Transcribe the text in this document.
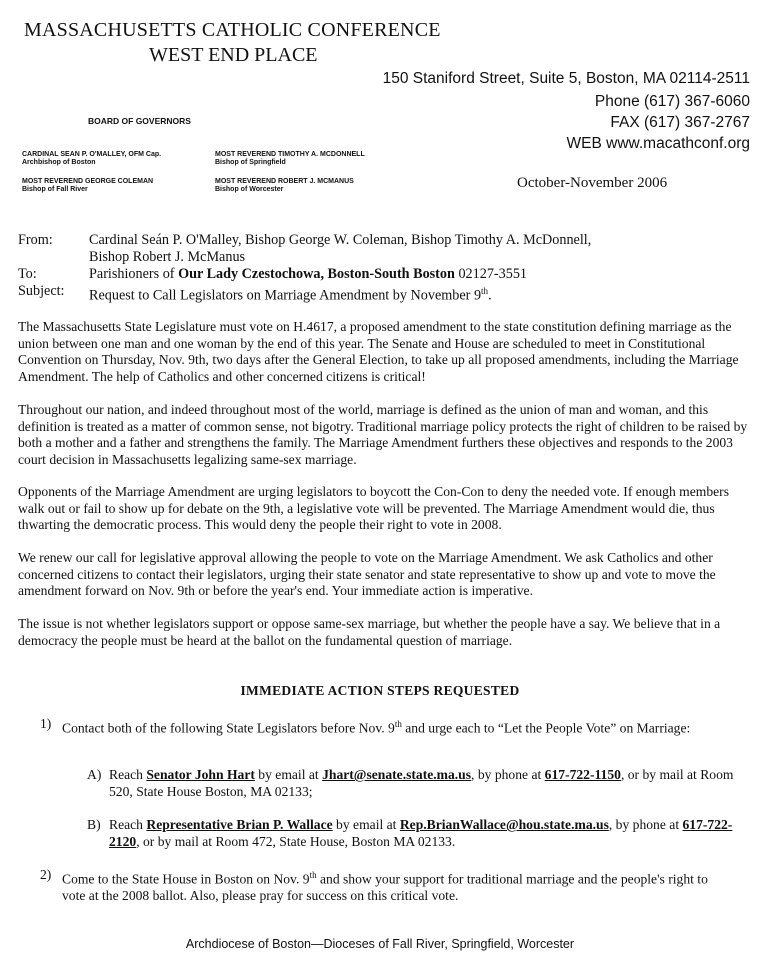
MASSACHUSETTS CATHOLIC CONFERENCE
WEST END PLACE
150 Staniford Street, Suite 5, Boston, MA 02114-2511
Phone (617) 367-6060
FAX (617) 367-2767
WEB www.macathconf.org
BOARD OF GOVERNORS
CARDINAL SEAN P. O'MALLEY, OFM Cap.
Archbishop of Boston
MOST REVEREND TIMOTHY A. MCDONNELL
Bishop of Springfield
MOST REVEREND GEORGE COLEMAN
Bishop of Fall River
MOST REVEREND ROBERT J. MCMANUS
Bishop of Worcester	October-November 2006
From:	Cardinal Seán P. O'Malley, Bishop George W. Coleman, Bishop Timothy A. McDonnell,
Bishop Robert J. McManus
To:	Parishioners of Our Lady Czestochowa, Boston-South Boston 02127-3551
Subject:	Request to Call Legislators on Marriage Amendment by November 9th.
The Massachusetts State Legislature must vote on H.4617, a proposed amendment to the state constitution defining marriage as the union between one man and one woman by the end of this year. The Senate and House are scheduled to meet in Constitutional Convention on Thursday, Nov. 9th, two days after the General Election, to take up all proposed amendments, including the Marriage Amendment. The help of Catholics and other concerned citizens is critical!
Throughout our nation, and indeed throughout most of the world, marriage is defined as the union of man and woman, and this definition is treated as a matter of common sense, not bigotry. Traditional marriage policy protects the right of children to be raised by both a mother and a father and strengthens the family. The Marriage Amendment furthers these objectives and responds to the 2003 court decision in Massachusetts legalizing same-sex marriage.
Opponents of the Marriage Amendment are urging legislators to boycott the Con-Con to deny the needed vote. If enough members walk out or fail to show up for debate on the 9th, a legislative vote will be prevented. The Marriage Amendment would die, thus thwarting the democratic process. This would deny the people their right to vote in 2008.
We renew our call for legislative approval allowing the people to vote on the Marriage Amendment. We ask Catholics and other concerned citizens to contact their legislators, urging their state senator and state representative to show up and vote to move the amendment forward on Nov. 9th or before the year's end. Your immediate action is imperative.
The issue is not whether legislators support or oppose same-sex marriage, but whether the people have a say. We believe that in a democracy the people must be heard at the ballot on the fundamental question of marriage.
IMMEDIATE ACTION STEPS REQUESTED
1) Contact both of the following State Legislators before Nov. 9th and urge each to “Let the People Vote” on Marriage:
A) Reach Senator John Hart by email at Jhart@senate.state.ma.us, by phone at 617-722-1150, or by mail at Room 520, State House Boston, MA 02133;
B) Reach Representative Brian P. Wallace by email at Rep.BrianWallace@hou.state.ma.us, by phone at 617-722-2120, or by mail at Room 472, State House, Boston MA 02133.
2) Come to the State House in Boston on Nov. 9th and show your support for traditional marriage and the people's right to vote at the 2008 ballot. Also, please pray for success on this critical vote.
Archdiocese of Boston—Dioceses of Fall River, Springfield, Worcester
